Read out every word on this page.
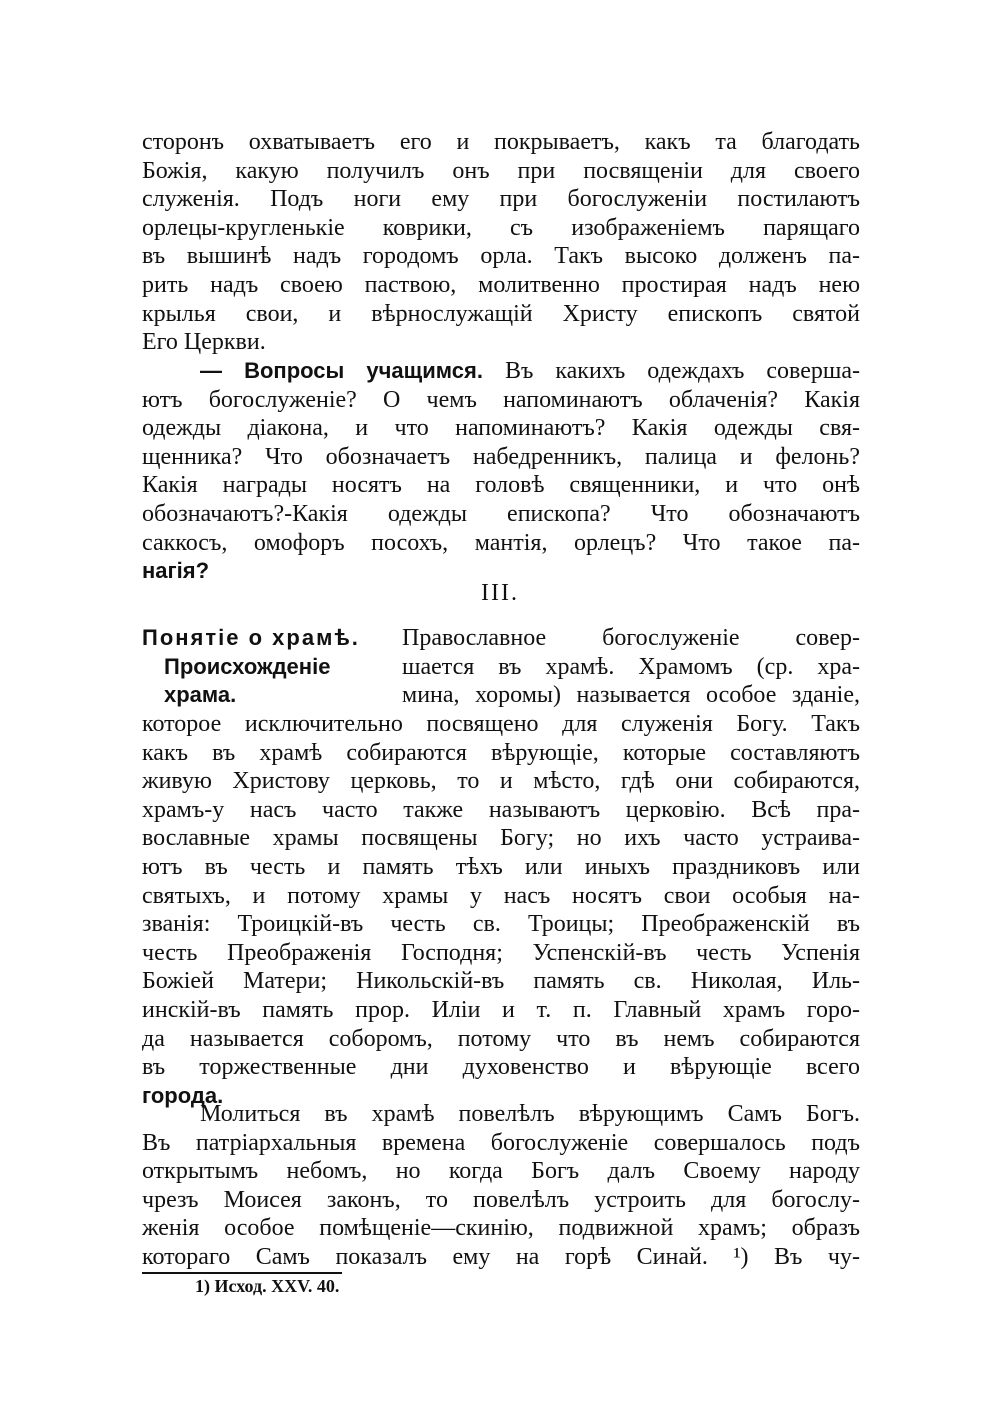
сторонъ охватываетъ его и покрываетъ, какъ та благодать

Божія, какую получилъ онъ при посвященіи для своего

служенія. Подъ ноги ему при богослуженіи постилаютъ

орлецы-кругленькіе коврики, съ изображеніемъ парящаго

въ вышинѣ надъ городомъ орла. Такъ высоко долженъ па-

рить надъ своею паствою, молитвенно простирая надъ нею

крылья свои, и вѣрнослужащій Христу епископъ святой

Его Церкви.

— Вопросы учащимся. Въ какихъ одеждахъ соверша-

ютъ богослуженіе? О чемъ напоминаютъ облаченія? Какія

одежды діакона, и что напоминаютъ? Какія одежды свя-

щенника? Что обозначаетъ набедренникъ, палица и фелонь?

Какія награды носятъ на головѣ священники, и что онѣ

обозначаютъ?-Какія одежды епископа? Что обозначаютъ

саккосъ, омофоръ посохъ, мантія, орлецъ? Что такое па-

нагія?

III.
Понятіе о храмѣ.
Происхожденіе
храма.

Православное богослуженіе совер-

шается въ храмѣ. Храмомъ (ср. хра-

мина, хоромы) называется особое зданіе,

которое исключительно посвящено для служенія Богу. Такъ

какъ въ храмѣ собираются вѣрующіе, которые составляютъ

живую Христову церковь, то и мѣсто, гдѣ они собираются,

храмъ-у насъ часто также называютъ церковію. Всѣ пра-

вославные храмы посвящены Богу; но ихъ часто устраива-

ютъ въ честь и память тѣхъ или иныхъ праздниковъ или

святыхъ, и потому храмы у насъ носятъ свои особыя на-

званія: Троицкій-въ честь св. Троицы; Преображенскій въ

честь Преображенія Господня; Успенскій-въ честь Успенія

Божіей Матери; Никольскій-въ память св. Николая, Иль-

инскій-въ память прор. Иліи и т. п. Главный храмъ горо-

да называется соборомъ, потому что въ немъ собираются

въ торжественные дни духовенство и вѣрующіе всего

города.

Молиться въ храмѣ повелѣлъ вѣрующимъ Самъ Богъ.

Въ патріархальныя времена богослуженіе совершалось подъ

открытымъ небомъ, но когда Богъ далъ Своему народу

чрезъ Моисея законъ, то повелѣлъ устроить для богослу-

женія особое помѣщеніе—скинію, подвижной храмъ; образъ

котораго Самъ показалъ ему на горѣ Синай. ¹) Въ чу-

1) Исход. XXV. 40.
